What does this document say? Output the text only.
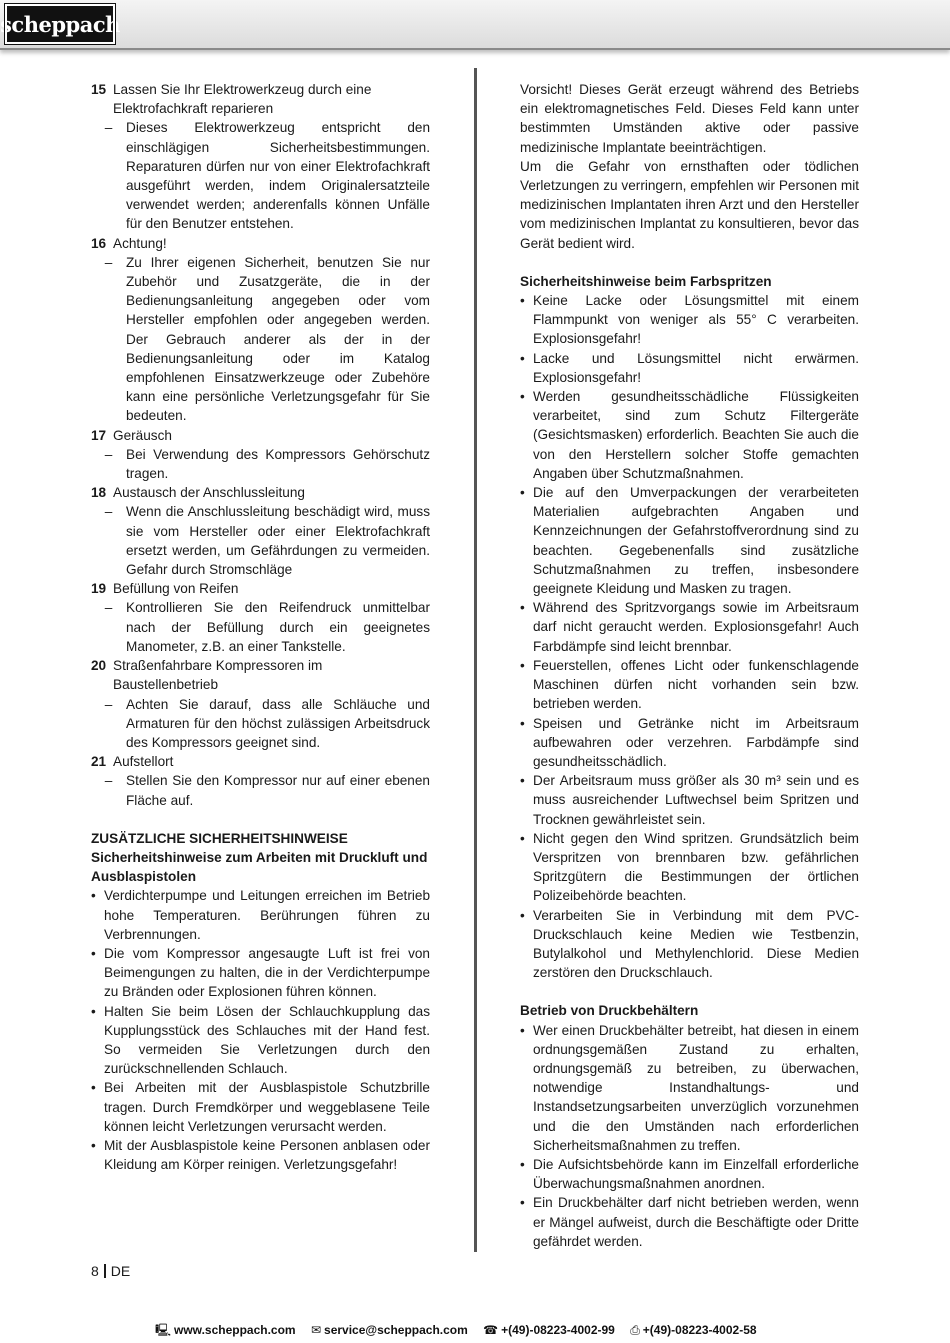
scheppach
15 Lassen Sie Ihr Elektrowerkzeug durch eine Elektrofachkraft reparieren
–	Dieses Elektrowerkzeug entspricht den einschlägigen Sicherheitsbestimmungen. Reparaturen dürfen nur von einer Elektrofachkraft ausgeführt werden, indem Originalersatzteile verwendet werden; anderenfalls können Unfälle für den Benutzer entstehen.
16 Achtung!
–	Zu Ihrer eigenen Sicherheit, benutzen Sie nur Zubehör und Zusatzgeräte, die in der Bedienungsanleitung angegeben oder vom Hersteller empfohlen oder angegeben werden. Der Gebrauch anderer als der in der Bedienungsanleitung oder im Katalog empfohlenen Einsatzwerkzeuge oder Zubehöre kann eine persönliche Verletzungsgefahr für Sie bedeuten.
17 Geräusch
–	Bei Verwendung des Kompressors Gehörschutz tragen.
18 Austausch der Anschlussleitung
–	Wenn die Anschlussleitung beschädigt wird, muss sie vom Hersteller oder einer Elektrofachkraft ersetzt werden, um Gefährdungen zu vermeiden. Gefahr durch Stromschläge
19 Befüllung von Reifen
–	Kontrollieren Sie den Reifendruck unmittelbar nach der Befüllung durch ein geeignetes Manometer, z.B. an einer Tankstelle.
20 Straßenfahrbare Kompressoren im Baustellenbetrieb
–	Achten Sie darauf, dass alle Schläuche und Armaturen für den höchst zulässigen Arbeitsdruck des Kompressors geeignet sind.
21 Aufstellort
–	Stellen Sie den Kompressor nur auf einer ebenen Fläche auf.

ZUSÄTZLICHE SICHERHEITSHINWEISE

Sicherheitshinweise zum Arbeiten mit Druckluft und Ausblaspistolen

• Verdichterpumpe und Leitungen erreichen im Betrieb hohe Temperaturen. Berührungen führen zu Verbrennungen.
• Die vom Kompressor angesaugte Luft ist frei von Beimengungen zu halten, die in der Verdichterpumpe zu Bränden oder Explosionen führen können.
• Halten Sie beim Lösen der Schlauchkupplung das Kupplungsstück des Schlauches mit der Hand fest. So vermeiden Sie Verletzungen durch den zurückschnellenden Schlauch.
• Bei Arbeiten mit der Ausblaspistole Schutzbrille tragen. Durch Fremdkörper und weggeblasene Teile können leicht Verletzungen verursacht werden.
• Mit der Ausblaspistole keine Personen anblasen oder Kleidung am Körper reinigen. Verletzungsgefahr!

Vorsicht! Dieses Gerät erzeugt während des Betriebs ein elektromagnetisches Feld. Dieses Feld kann unter bestimmten Umständen aktive oder passive medizinische Implantate beeinträchtigen.

Um die Gefahr von ernsthaften oder tödlichen Verletzungen zu verringern, empfehlen wir Personen mit medizinischen Implantaten ihren Arzt und den Hersteller vom medizinischen Implantat zu konsultieren, bevor das Gerät bedient wird.

Sicherheitshinweise beim Farbspritzen

• Keine Lacke oder Lösungsmittel mit einem Flammpunkt von weniger als 55° C verarbeiten. Explosionsgefahr!
• Lacke und Lösungsmittel nicht erwärmen. Explosionsgefahr!
• Werden gesundheitsschädliche Flüssigkeiten verarbeitet, sind zum Schutz Filtergeräte (Gesichtsmasken) erforderlich. Beachten Sie auch die von den Herstellern solcher Stoffe gemachten Angaben über Schutzmaßnahmen.
• Die auf den Umverpackungen der verarbeiteten Materialien aufgebrachten Angaben und Kennzeichnungen der Gefahrstoffverordnung sind zu beachten. Gegebenenfalls sind zusätzliche Schutzmaßnahmen zu treffen, insbesondere geeignete Kleidung und Masken zu tragen.
• Während des Spritzvorgangs sowie im Arbeitsraum darf nicht geraucht werden. Explosionsgefahr! Auch Farbdämpfe sind leicht brennbar.
• Feuerstellen, offenes Licht oder funkenschlagende Maschinen dürfen nicht vorhanden sein bzw. betrieben werden.
• Speisen und Getränke nicht im Arbeitsraum aufbewahren oder verzehren. Farbdämpfe sind gesundheitsschädlich.
• Der Arbeitsraum muss größer als 30 m³ sein und es muss ausreichender Luftwechsel beim Spritzen und Trocknen gewährleistet sein.
• Nicht gegen den Wind spritzen. Grundsätzlich beim Verspritzen von brennbaren bzw. gefährlichen Spritzgütern die Bestimmungen der örtlichen Polizeibehörde beachten.
• Verarbeiten Sie in Verbindung mit dem PVC-Druckschlauch keine Medien wie Testbenzin, Butylalkohol und Methylenchlorid. Diese Medien zerstören den Druckschlauch.

Betrieb von Druckbehältern

• Wer einen Druckbehälter betreibt, hat diesen in einem ordnungsgemäßen Zustand zu erhalten, ordnungsgemäß zu betreiben, zu überwachen, notwendige Instandhaltungs- und Instandsetzungsarbeiten unverzüglich vorzunehmen und die den Umständen nach erforderlichen Sicherheitsmaßnahmen zu treffen.
• Die Aufsichtsbehörde kann im Einzelfall erforderliche Überwachungsmaßnahmen anordnen.
• Ein Druckbehälter darf nicht betrieben werden, wenn er Mängel aufweist, durch die Beschäftigte oder Dritte gefährdet werden.
8 DE
🖳 www.scheppach.com ✉ service@scheppach.com ☎ +(49)-08223-4002-99 ⎙ +(49)-08223-4002-58
